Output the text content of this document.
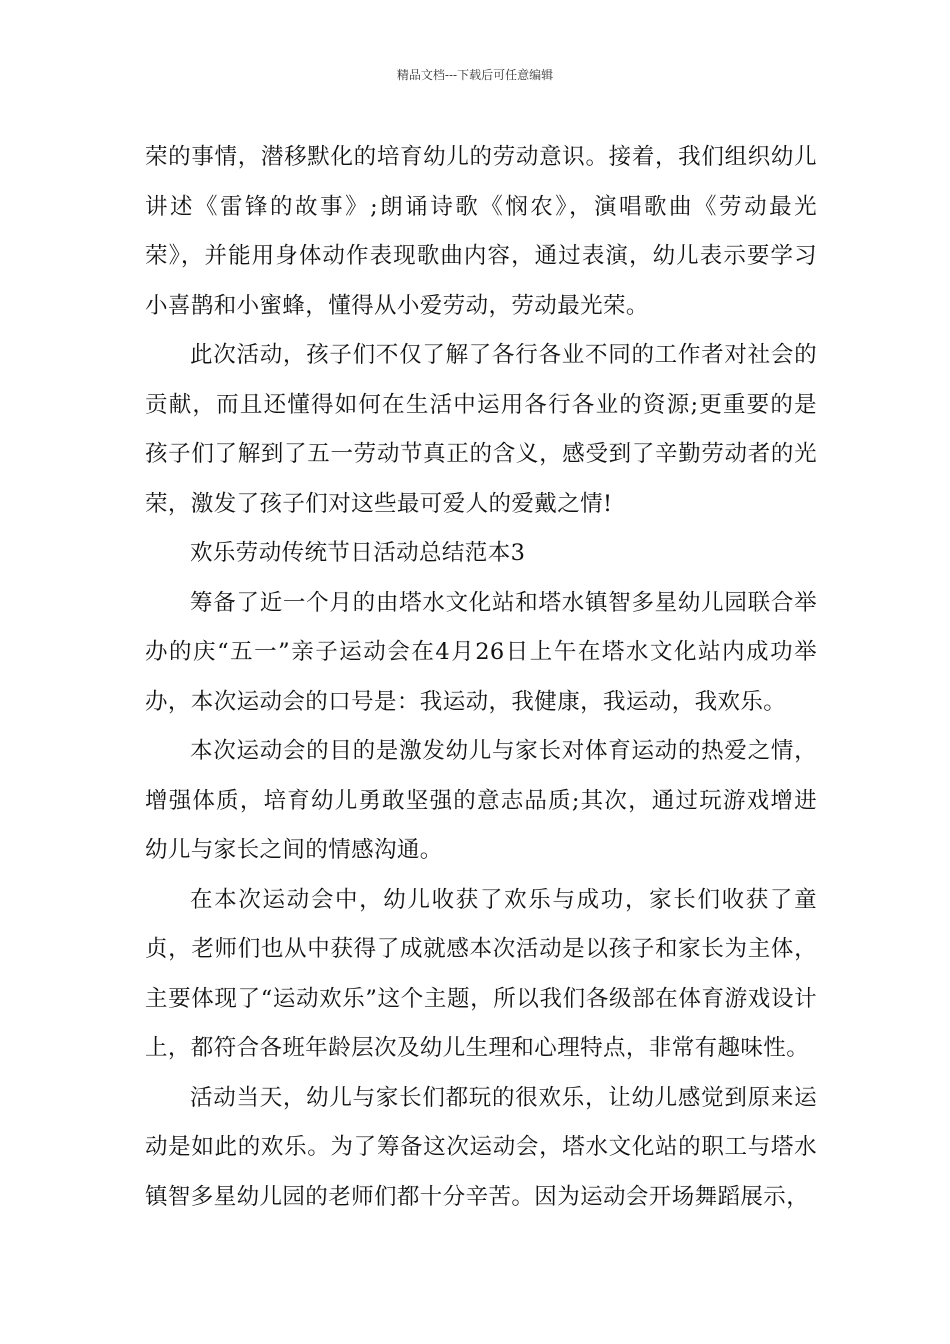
精品文档---下载后可任意编辑

荣的事情，潜移默化的培育幼儿的劳动意识。接着，我们组织幼儿讲述《雷锋的故事》;朗诵诗歌《悯农》，演唱歌曲《劳动最光荣》，并能用身体动作表现歌曲内容，通过表演，幼儿表示要学习小喜鹊和小蜜蜂，懂得从小爱劳动，劳动最光荣。

此次活动，孩子们不仅了解了各行各业不同的工作者对社会的贡献，而且还懂得如何在生活中运用各行各业的资源;更重要的是孩子们了解到了五一劳动节真正的含义，感受到了辛勤劳动者的光荣，激发了孩子们对这些最可爱人的爱戴之情!

欢乐劳动传统节日活动总结范本3

筹备了近一个月的由塔水文化站和塔水镇智多星幼儿园联合举办的庆“五一”亲子运动会在4月26日上午在塔水文化站内成功举办，本次运动会的口号是：我运动，我健康，我运动，我欢乐。

本次运动会的目的是激发幼儿与家长对体育运动的热爱之情，增强体质，培育幼儿勇敢坚强的意志品质;其次，通过玩游戏增进幼儿与家长之间的情感沟通。

在本次运动会中，幼儿收获了欢乐与成功，家长们收获了童贞，老师们也从中获得了成就感本次活动是以孩子和家长为主体，主要体现了“运动欢乐”这个主题，所以我们各级部在体育游戏设计上，都符合各班年龄层次及幼儿生理和心理特点，非常有趣味性。

活动当天，幼儿与家长们都玩的很欢乐，让幼儿感觉到原来运动是如此的欢乐。为了筹备这次运动会，塔水文化站的职工与塔水镇智多星幼儿园的老师们都十分辛苦。因为运动会开场舞蹈展示，
